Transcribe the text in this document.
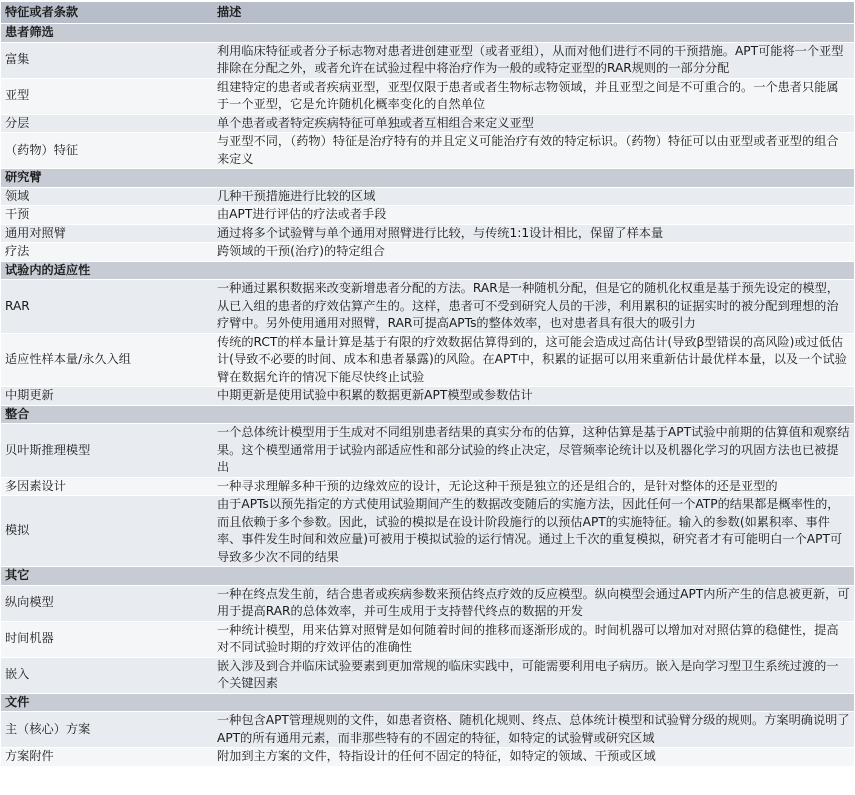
特征或者条款	描述
患者筛选	
富集	利用临床特征或者分子标志物对患者进创建亚型（或者亚组），从而对他们进行不同的干预措施。APT可能将一个亚型排除在分配之外，或者允许在试验过程中将治疗作为一般的或特定亚型的RAR规则的一部分分配
亚型	组建特定的患者或者疾病亚型，亚型仅限于患者或者生物标志物领域，并且亚型之间是不可重合的。一个患者只能属于一个亚型，它是允许随机化概率变化的自然单位
分层	单个患者或者特定疾病特征可单独或者互相组合来定义亚型
（药物）特征	与亚型不同，（药物）特征是治疗特有的并且定义可能治疗有效的特定标识。（药物）特征可以由亚型或者亚型的组合来定义
研究臂	
领域	几种干预措施进行比较的区域
干预	由APT进行评估的疗法或者手段
通用对照臂	通过将多个试验臂与单个通用对照臂进行比较，与传统1:1设计相比，保留了样本量
疗法	跨领域的干预(治疗)的特定组合
试验内的适应性	
RAR	一种通过累积数据来改变新增患者分配的方法。RAR是一种随机分配，但是它的随机化权重是基于预先设定的模型，从已入组的患者的疗效估算产生的。这样，患者可不受到研究人员的干涉，利用累积的证据实时的被分配到理想的治疗臂中。另外使用通用对照臂，RAR可提高APTs的整体效率，也对患者具有很大的吸引力
适应性样本量/永久入组	传统的RCT的样本量计算是基于有限的疗效数据估算得到的，这可能会造成过高估计(导致β型错误的高风险)或过低估计(导致不必要的时间、成本和患者暴露)的风险。在APT中，积累的证据可以用来重新估计最优样本量，以及一个试验臂在数据允许的情况下能尽快终止试验
中期更新	中期更新是使用试验中积累的数据更新APT模型或参数估计
整合	
贝叶斯推理模型	一个总体统计模型用于生成对不同组别患者结果的真实分布的估算，这种估算是基于APT试验中前期的估算值和观察结果。这个模型通常用于试验内部适应性和部分试验的终止决定，尽管频率论统计以及机器化学习的巩固方法也已被提出
多因素设计	一种寻求理解多种干预的边缘效应的设计，无论这种干预是独立的还是组合的，是针对整体的还是亚型的
模拟	由于APTs以预先指定的方式使用试验期间产生的数据改变随后的实施方法，因此任何一个ATP的结果都是概率性的，而且依赖于多个参数。因此，试验的模拟是在设计阶段施行的以预估APT的实施特征。输入的参数(如累积率、事件率、事件发生时间和效应量)可被用于模拟试验的运行情况。通过上千次的重复模拟，研究者才有可能明白一个APT可导致多少次不同的结果
其它	
纵向模型	一种在终点发生前，结合患者或疾病参数来预估终点疗效的反应模型。纵向模型会通过APT内所产生的信息被更新，可用于提高RAR的总体效率，并可生成用于支持替代终点的数据的开发
时间机器	一种统计模型，用来估算对照臂是如何随着时间的推移而逐渐形成的。时间机器可以增加对对照估算的稳健性，提高对不同试验时期的疗效评估的准确性
嵌入	嵌入涉及到合并临床试验要素到更加常规的临床实践中，可能需要利用电子病历。嵌入是向学习型卫生系统过渡的一个关键因素
文件	
主（核心）方案	一种包含APT管理规则的文件，如患者资格、随机化规则、终点、总体统计模型和试验臂分级的规则。方案明确说明了APT的所有通用元素，而非那些特有的不固定的特征，如特定的试验臂或研究区域
方案附件	附加到主方案的文件，特指设计的任何不固定的特征，如特定的领域、干预或区域
